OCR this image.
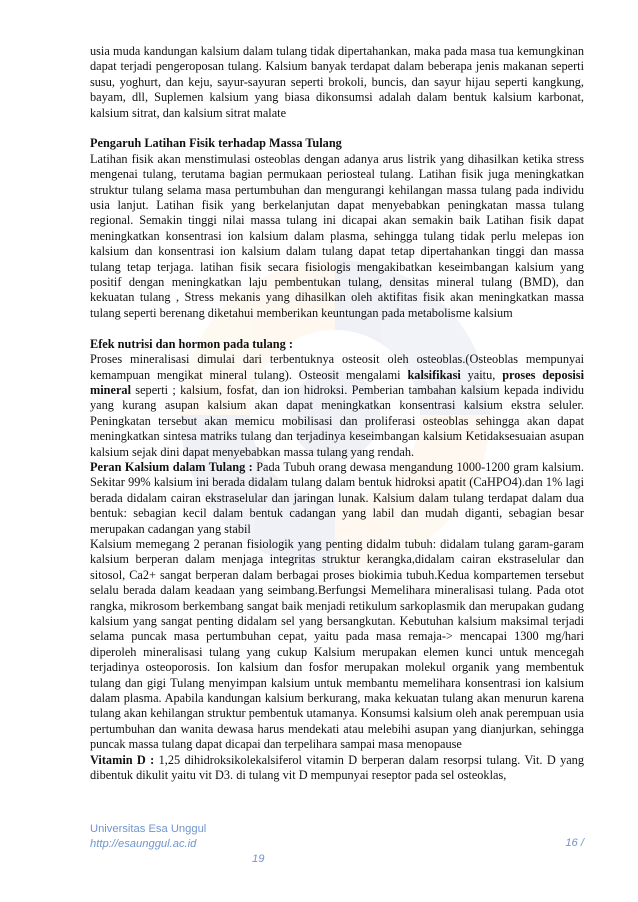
usia muda kandungan kalsium dalam tulang tidak dipertahankan, maka pada masa tua kemungkinan dapat terjadi pengeroposan tulang. Kalsium banyak terdapat dalam beberapa jenis makanan seperti susu, yoghurt, dan keju, sayur-sayuran seperti brokoli, buncis, dan sayur hijau seperti kangkung, bayam, dll, Suplemen kalsium yang biasa dikonsumsi adalah dalam bentuk kalsium karbonat, kalsium sitrat, dan kalsium sitrat malate

Pengaruh Latihan Fisik terhadap Massa Tulang

Latihan fisik akan menstimulasi osteoblas dengan adanya arus listrik yang dihasilkan ketika stress mengenai tulang, terutama bagian permukaan periosteal tulang. Latihan fisik juga meningkatkan struktur tulang selama masa pertumbuhan dan mengurangi kehilangan massa tulang pada individu usia lanjut. Latihan fisik yang berkelanjutan dapat menyebabkan peningkatan massa tulang regional. Semakin tinggi nilai massa tulang ini dicapai akan semakin baik Latihan fisik dapat meningkatkan konsentrasi ion kalsium dalam plasma, sehingga tulang tidak perlu melepas ion kalsium dan konsentrasi ion kalsium dalam tulang dapat tetap dipertahankan tinggi dan massa tulang tetap terjaga. latihan fisik secara fisiologis mengakibatkan keseimbangan kalsium yang positif dengan meningkatkan laju pembentukan tulang, densitas mineral tulang (BMD), dan kekuatan tulang , Stress mekanis yang dihasilkan oleh aktifitas fisik akan meningkatkan massa tulang seperti berenang diketahui memberikan keuntungan pada metabolisme kalsium

Efek nutrisi dan hormon pada tulang :

Proses mineralisasi dimulai dari terbentuknya osteosit oleh osteoblas.(Osteoblas mempunyai kemampuan mengikat mineral tulang). Osteosit mengalami kalsifikasi yaitu, proses deposisi mineral seperti ; kalsium, fosfat, dan ion hidroksi. Pemberian tambahan kalsium kepada individu yang kurang asupan kalsium akan dapat meningkatkan konsentrasi kalsium ekstra seluler. Peningkatan tersebut akan memicu mobilisasi dan proliferasi osteoblas sehingga akan dapat meningkatkan sintesa matriks tulang dan terjadinya keseimbangan kalsium Ketidaksesuaian asupan kalsium sejak dini dapat menyebabkan massa tulang yang rendah.

Peran Kalsium dalam Tulang : Pada Tubuh orang dewasa mengandung 1000-1200 gram kalsium. Sekitar 99% kalsium ini berada didalam tulang dalam bentuk hidroksi apatit (CaHPO4).dan 1% lagi berada didalam cairan ekstraselular dan jaringan lunak. Kalsium dalam tulang terdapat dalam dua bentuk: sebagian kecil dalam bentuk cadangan yang labil dan mudah diganti, sebagian besar merupakan cadangan yang stabil

Kalsium memegang 2 peranan fisiologik yang penting didalm tubuh: didalam tulang garam-garam kalsium berperan dalam menjaga integritas struktur kerangka,didalam cairan ekstraselular dan sitosol, Ca2+ sangat berperan dalam berbagai proses biokimia tubuh.Kedua kompartemen tersebut selalu berada dalam keadaan yang seimbang.Berfungsi Memelihara mineralisasi tulang. Pada otot rangka, mikrosom berkembang sangat baik menjadi retikulum sarkoplasmik dan merupakan gudang kalsium yang sangat penting didalam sel yang bersangkutan. Kebutuhan kalsium maksimal terjadi selama puncak masa pertumbuhan cepat, yaitu pada masa remaja-> mencapai 1300 mg/hari diperoleh mineralisasi tulang yang cukup Kalsium merupakan elemen kunci untuk mencegah terjadinya osteoporosis. Ion kalsium dan fosfor merupakan molekul organik yang membentuk tulang dan gigi Tulang menyimpan kalsium untuk membantu memelihara konsentrasi ion kalsium dalam plasma. Apabila kandungan kalsium berkurang, maka kekuatan tulang akan menurun karena tulang akan kehilangan struktur pembentuk utamanya. Konsumsi kalsium oleh anak perempuan usia pertumbuhan dan wanita dewasa harus mendekati atau melebihi asupan yang dianjurkan, sehingga puncak massa tulang dapat dicapai dan terpelihara sampai masa menopause

Vitamin D : 1,25 dihidroksikolekalsiferol vitamin D berperan dalam resorpsi tulang. Vit. D yang dibentuk dikulit yaitu vit D3. di tulang vit D mempunyai reseptor pada sel osteoklas,

Universitas Esa Unggul
http://esaunggul.ac.id	16 /
19
